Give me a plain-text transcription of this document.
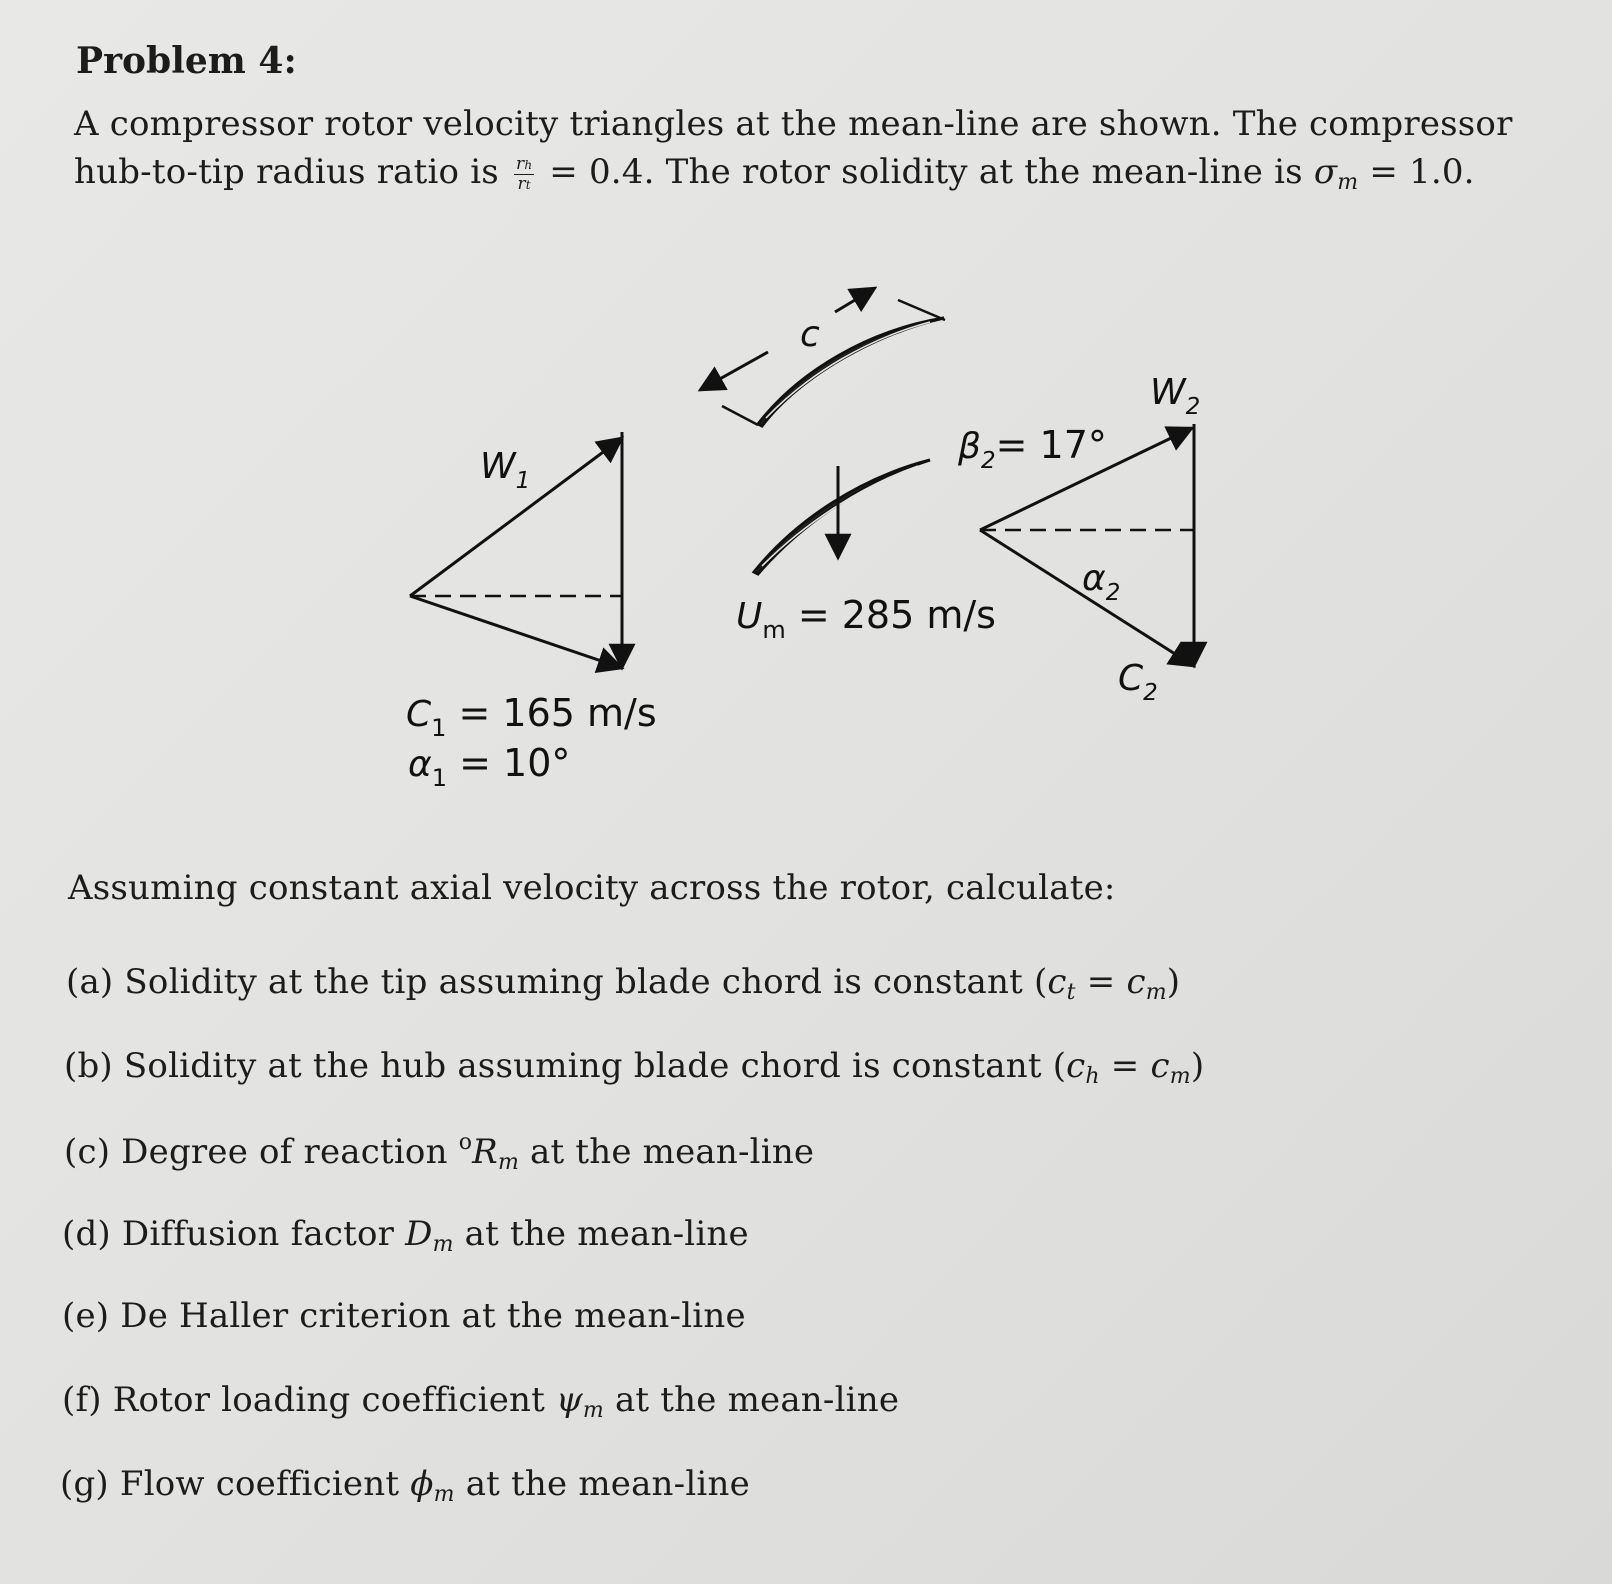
Problem 4:
A compressor rotor velocity triangles at the mean-line are shown. The compressor
hub-to-tip radius ratio is $\frac{rh}{rt} = 0.4$. The rotor solidity at the mean-line is $\sigma_m = 1.0$.
c
W1
W2
β2= 17°
α2
C2
Um = 285 m/s
C1 = 165 m/s
α1 = 10°
Assuming constant axial velocity across the rotor, calculate:
(a) Solidity at the tip assuming blade chord is constant $(c_t = c_m)$
(b) Solidity at the hub assuming blade chord is constant $(c_h = c_m)$
(c) Degree of reaction $^oR_m$ at the mean-line
(d) Diffusion factor $D_m$ at the mean-line
(e) De Haller criterion at the mean-line
(f) Rotor loading coefficient $\psi_m$ at the mean-line
(g) Flow coefficient $\phi_m$ at the mean-line
